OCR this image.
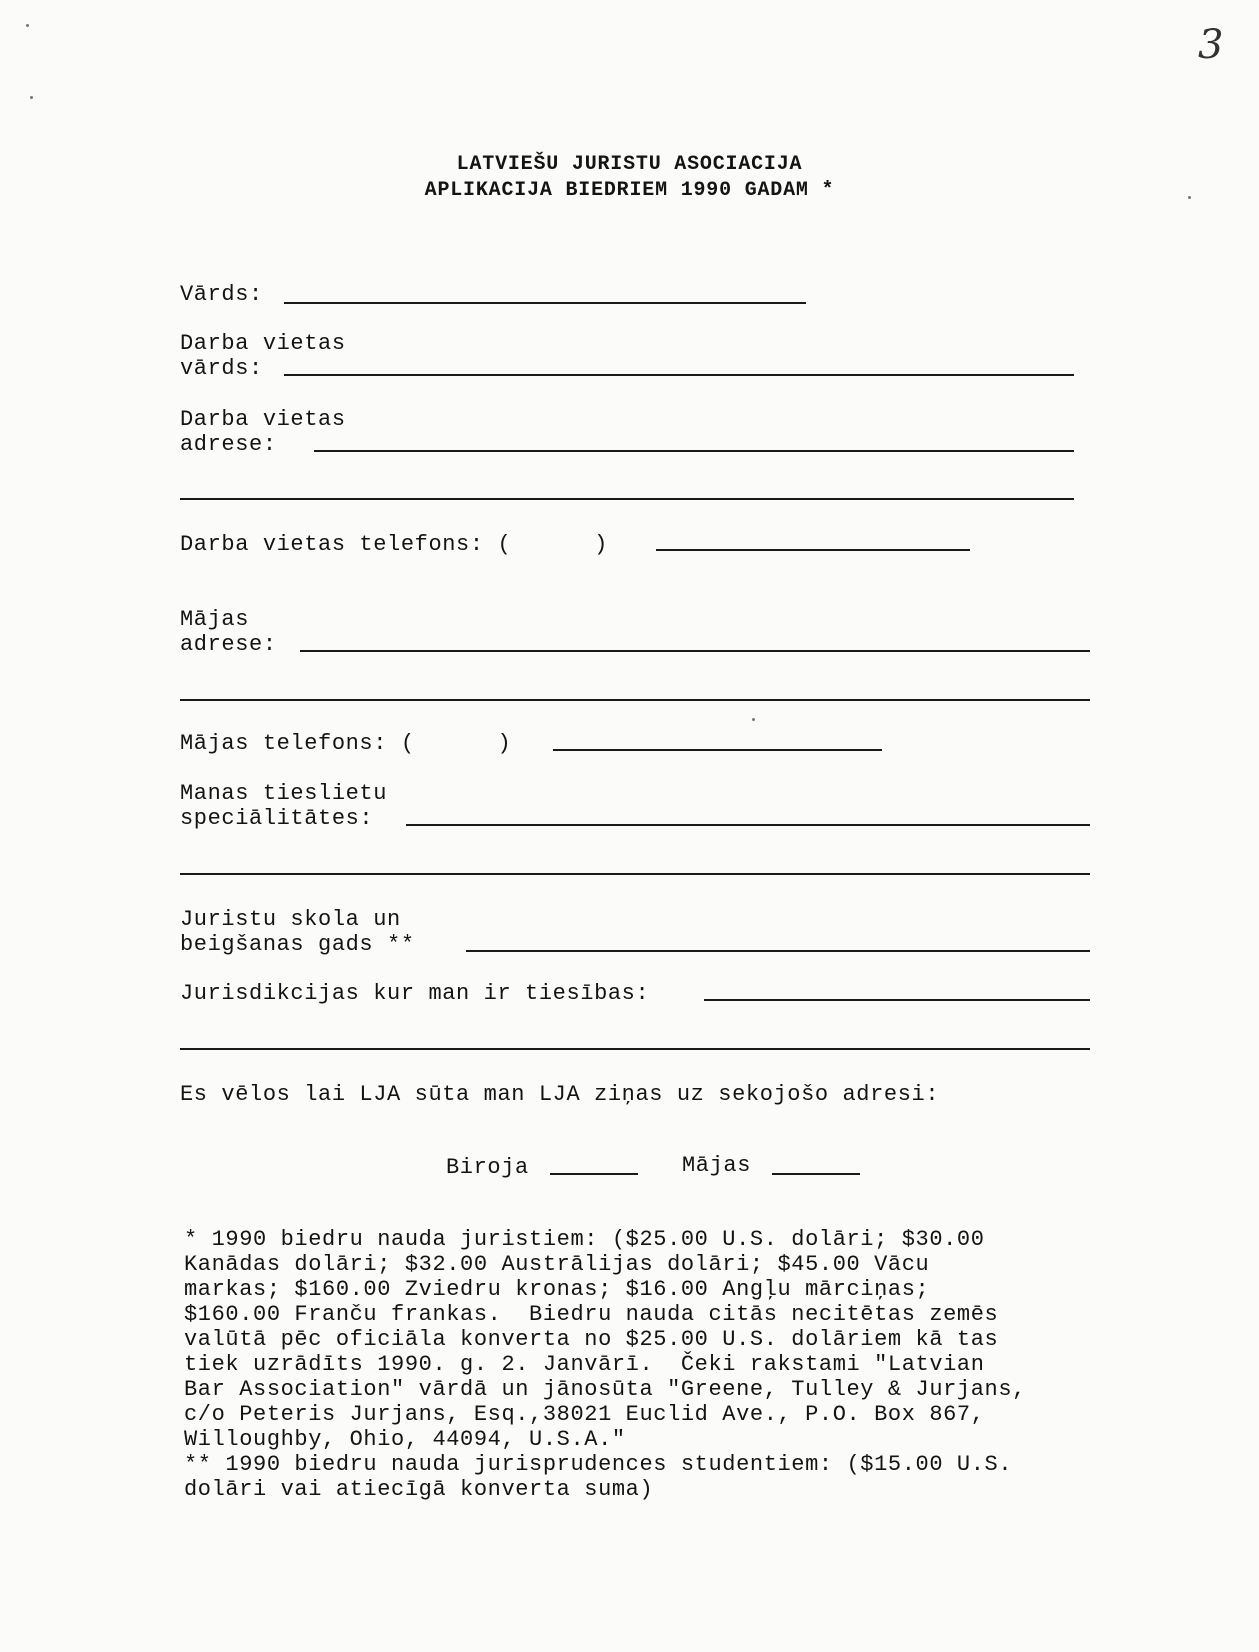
3
LATVIEŠU JURISTU ASOCIACIJA
APLIKACIJA BIEDRIEM 1990 GADAM *
Vārds:
Darba vietas
vārds:
Darba vietas
adrese:
Darba vietas telefons: (      )
Mājas
adrese:
Mājas telefons: (      )
Manas tieslietu
speciālitātes:
Juristu skola un
beigšanas gads **
Jurisdikcijas kur man ir tiesības:
Es vēlos lai LJA sūta man LJA ziņas uz sekojošo adresi:
Biroja	Mājas
* 1990 biedru nauda juristiem: ($25.00 U.S. dolāri; $30.00
Kanādas dolāri; $32.00 Austrālijas dolāri; $45.00 Vācu
markas; $160.00 Zviedru kronas; $16.00 Angļu mārciņas;
$160.00 Franču frankas.  Biedru nauda citās necitētas zemēs
valūtā pēc oficiāla konverta no $25.00 U.S. dolāriem kā tas
tiek uzrādīts 1990. g. 2. Janvārī.  Čeki rakstami "Latvian
Bar Association" vārdā un jānosūta "Greene, Tulley & Jurjans,
c/o Peteris Jurjans, Esq.,38021 Euclid Ave., P.O. Box 867,
Willoughby, Ohio, 44094, U.S.A."
** 1990 biedru nauda jurisprudences studentiem: ($15.00 U.S.
dolāri vai atiecīgā konverta suma)
